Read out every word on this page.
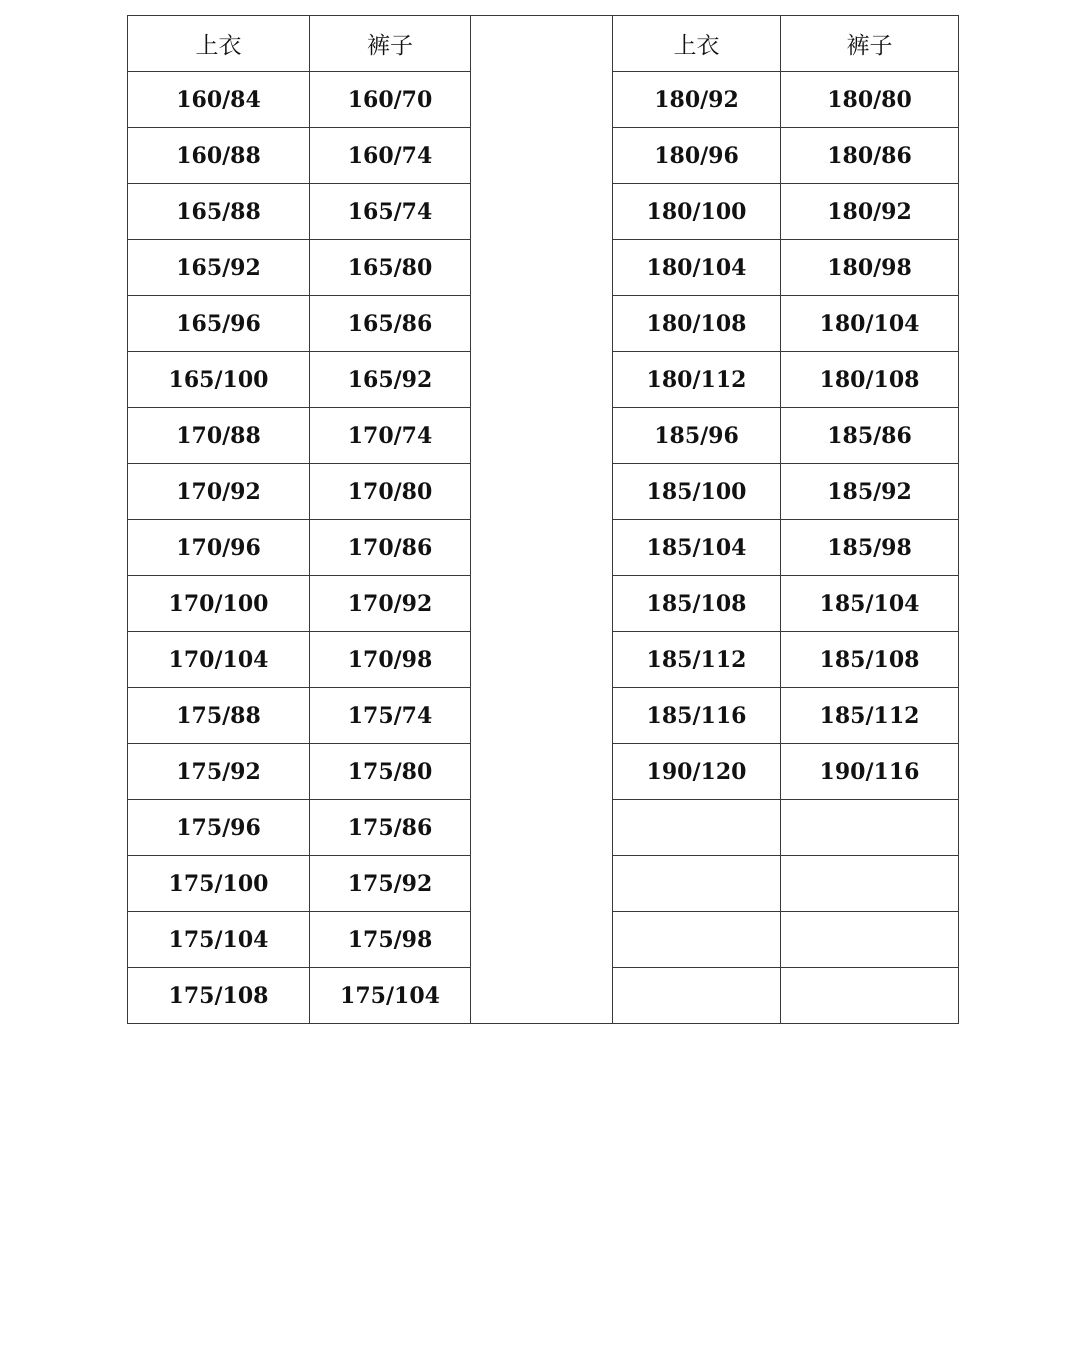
上衣	裤子		上衣	裤子
160/84	160/70		180/92	180/80
160/88	160/74		180/96	180/86
165/88	165/74		180/100	180/92
165/92	165/80		180/104	180/98
165/96	165/86		180/108	180/104
165/100	165/92		180/112	180/108
170/88	170/74		185/96	185/86
170/92	170/80		185/100	185/92
170/96	170/86		185/104	185/98
170/100	170/92		185/108	185/104
170/104	170/98		185/112	185/108
175/88	175/74		185/116	185/112
175/92	175/80		190/120	190/116
175/96	175/86			
175/100	175/92			
175/104	175/98			
175/108	175/104			
